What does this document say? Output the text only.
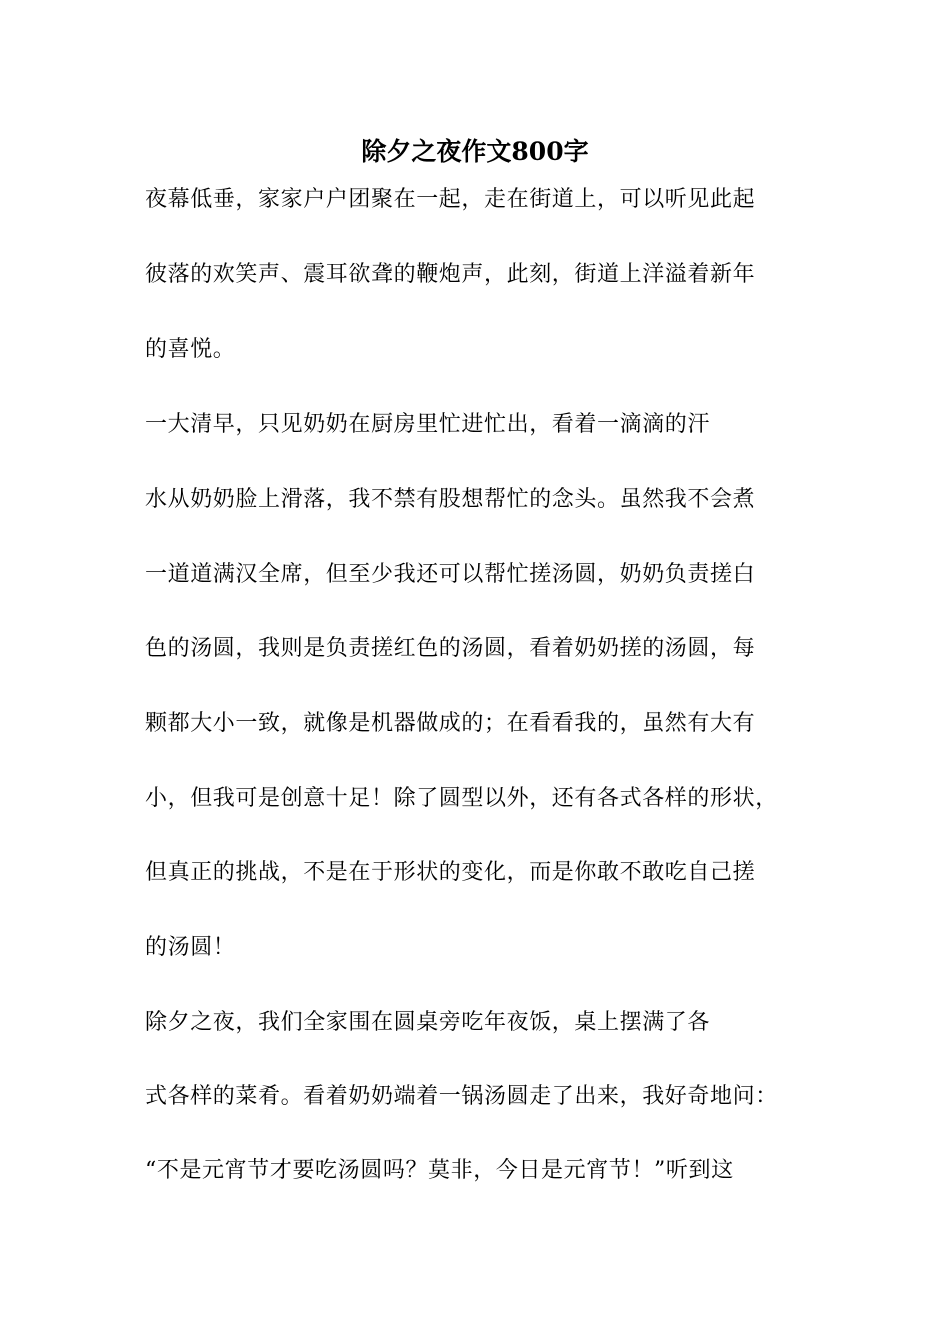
除夕之夜作文800字
夜幕低垂，家家户户团聚在一起，走在街道上，可以听见此起
彼落的欢笑声、震耳欲聋的鞭炮声，此刻，街道上洋溢着新年
的喜悦。
一大清早，只见奶奶在厨房里忙进忙出，看着一滴滴的汗
水从奶奶脸上滑落，我不禁有股想帮忙的念头。虽然我不会煮
一道道满汉全席，但至少我还可以帮忙搓汤圆，奶奶负责搓白
色的汤圆，我则是负责搓红色的汤圆，看着奶奶搓的汤圆，每
颗都大小一致，就像是机器做成的；在看看我的，虽然有大有
小，但我可是创意十足！除了圆型以外，还有各式各样的形状，
但真正的挑战，不是在于形状的变化，而是你敢不敢吃自己搓
的汤圆！
除夕之夜，我们全家围在圆桌旁吃年夜饭，桌上摆满了各
式各样的菜肴。看着奶奶端着一锅汤圆走了出来，我好奇地问：
“不是元宵节才要吃汤圆吗？莫非，今日是元宵节！”听到这
